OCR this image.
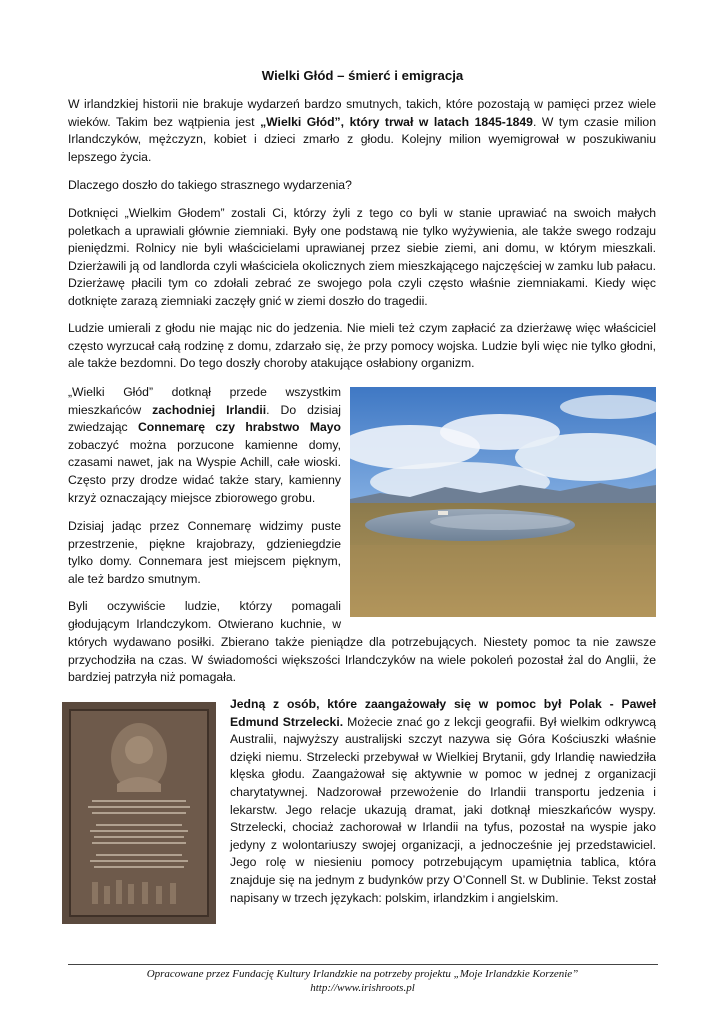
Wielki Głód – śmierć i emigracja

W irlandzkiej historii nie brakuje wydarzeń bardzo smutnych, takich, które pozostają w pamięci przez wiele wieków. Takim bez wątpienia jest „Wielki Głód”, który trwał w latach 1845-1849. W tym czasie milion Irlandczyków, mężczyzn, kobiet i dzieci zmarło z głodu. Kolejny milion wyemigrował w poszukiwaniu lepszego życia.

Dlaczego doszło do takiego strasznego wydarzenia?

Dotknięci „Wielkim Głodem” zostali Ci, którzy żyli z tego co byli w stanie uprawiać na swoich małych poletkach a uprawiali głównie ziemniaki. Były one podstawą nie tylko wyżywienia, ale także swego rodzaju pieniędzmi. Rolnicy nie byli właścicielami uprawianej przez siebie ziemi, ani domu, w którym mieszkali. Dzierżawili ją od landlorda czyli właściciela okolicznych ziem mieszkającego najczęściej w zamku lub pałacu. Dzierżawę płacili tym co zdołali zebrać ze swojego pola czyli często właśnie ziemniakami. Kiedy więc dotknięte zarazą ziemniaki zaczęły gnić w ziemi doszło do tragedii.

Ludzie umierali z głodu nie mając nic do jedzenia. Nie mieli też czym zapłacić za dzierżawę więc właściciel często wyrzucał całą rodzinę z domu, zdarzało się, że przy pomocy wojska. Ludzie byli więc nie tylko głodni, ale także bezdomni. Do tego doszły choroby atakujące osłabiony organizm.

„Wielki Głód” dotknął przede wszystkim mieszkańców zachodniej Irlandii. Do dzisiaj zwiedzając Connemarę czy hrabstwo Mayo zobaczyć można porzucone kamienne domy, czasami nawet, jak na Wyspie Achill, całe wioski. Często przy drodze widać także stary, kamienny krzyż oznaczający miejsce zbiorowego grobu.

Dzisiaj jadąc przez Connemarę widzimy puste przestrzenie, piękne krajobrazy, gdzieniegdzie tylko domy. Connemara jest miejscem pięknym, ale też bardzo smutnym.

Byli oczywiście ludzie, którzy pomagali głodującym Irlandczykom. Otwierano kuchnie, w

których wydawano posiłki. Zbierano także pieniądze dla potrzebujących. Niestety pomoc ta nie zawsze przychodziła na czas. W świadomości większości Irlandczyków na wiele pokoleń pozostał żal do Anglii, że bardziej patrzyła niż pomagała.

Jedną z osób, które zaangażowały się w pomoc był Polak - Paweł Edmund Strzelecki. Możecie znać go z lekcji geografii. Był wielkim odkrywcą Australii, najwyższy australijski szczyt nazywa się Góra Kościuszki właśnie dzięki niemu. Strzelecki przebywał w Wielkiej Brytanii, gdy Irlandię nawiedziła klęska głodu. Zaangażował się aktywnie w pomoc w jednej z organizacji charytatywnej. Nadzorował przewożenie do Irlandii transportu jedzenia i lekarstw. Jego relacje ukazują dramat, jaki dotknął mieszkańców wyspy. Strzelecki, chociaż zachorował w Irlandii na tyfus, pozostał na wyspie jako jedyny z wolontariuszy swojej organizacji, a jednocześnie jej przedstawiciel. Jego rolę w niesieniu pomocy potrzebującym upamiętnia tablica, która znajduje się na jednym z budynków przy O’Connell St. w Dublinie. Tekst został napisany w trzech językach: polskim, irlandzkim i angielskim.

Opracowane przez Fundację Kultury Irlandzkie na potrzeby projektu „Moje Irlandzkie Korzenie”
http://www.irishroots.pl
